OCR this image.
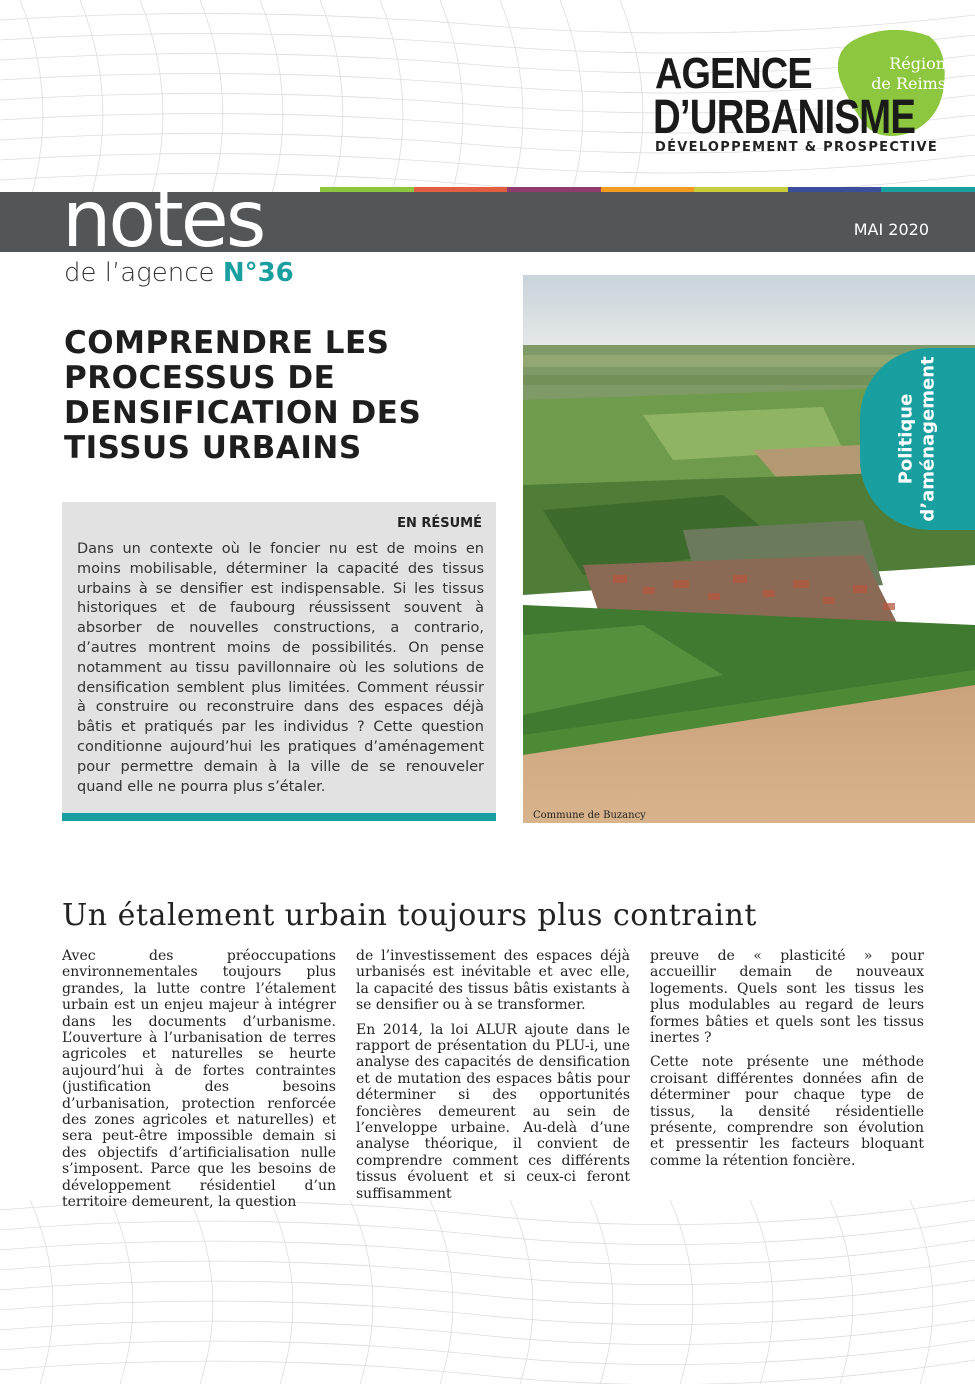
Région
de Reims
AGENCE
D’URBANISME
DÉVELOPPEMENT & PROSPECTIVE
notes	MAI 2020
de l’agence N°36
COMPRENDRE LES
PROCESSUS DE
DENSIFICATION DES
TISSUS URBAINS
EN RÉSUMÉ
Dans un contexte où le foncier nu est de moins en moins mobilisable, déterminer la capacité des tissus urbains à se densifier est indispensable. Si les tissus historiques et de faubourg réussissent souvent à absorber de nouvelles constructions, a contrario, d’autres montrent moins de possibilités. On pense notamment au tissu pavillonnaire où les solutions de densification semblent plus limitées. Comment réussir à construire ou reconstruire dans des espaces déjà bâtis et pratiqués par les individus ? Cette question conditionne aujourd’hui les pratiques d’aménagement pour permettre demain à la ville de se renouveler quand elle ne pourra plus s’étaler.
Commune de Buzancy
Politique d’aménagement
Un étalement urbain toujours plus contraint

Avec des préoccupations environnementales toujours plus grandes, la lutte contre l’étalement urbain est un enjeu majeur à intégrer dans les documents d’urbanisme. L’ouverture à l’urbanisation de terres agricoles et naturelles se heurte aujourd’hui à de fortes contraintes (justification des besoins d’urbanisation, protection renforcée des zones agricoles et naturelles) et sera peut-être impossible demain si des objectifs d’artificialisation nulle s’imposent. Parce que les besoins de développement résidentiel d’un territoire demeurent, la question

de l’investissement des espaces déjà urbanisés est inévitable et avec elle, la capacité des tissus bâtis existants à se densifier ou à se transformer.

En 2014, la loi ALUR ajoute dans le rapport de présentation du PLU-i, une analyse des capacités de densification et de mutation des espaces bâtis pour déterminer si des opportunités foncières demeurent au sein de l’enveloppe urbaine. Au-delà d’une analyse théorique, il convient de comprendre comment ces différents tissus évoluent et si ceux-ci feront suffisamment

preuve de « plasticité » pour accueillir demain de nouveaux logements. Quels sont les tissus les plus modulables au regard de leurs formes bâties et quels sont les tissus inertes ?

Cette note présente une méthode croisant différentes données afin de déterminer pour chaque type de tissus, la densité résidentielle présente, comprendre son évolution et pressentir les facteurs bloquant comme la rétention foncière.
